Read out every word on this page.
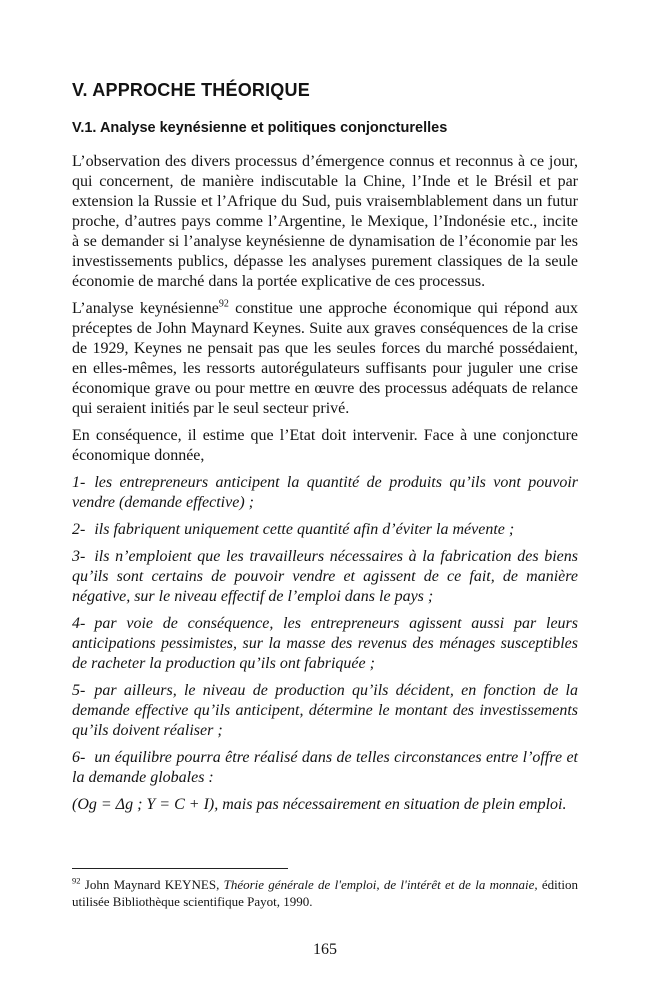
V. APPROCHE THÉORIQUE
V.1. Analyse keynésienne et politiques conjoncturelles

L’observation des divers processus d’émergence connus et reconnus à ce jour, qui concernent, de manière indiscutable la Chine, l’Inde et le Brésil et par extension la Russie et l’Afrique du Sud, puis vraisemblablement dans un futur proche, d’autres pays comme l’Argentine, le Mexique, l’Indonésie etc., incite à se demander si l’analyse keynésienne de dynamisation de l’économie par les investissements publics, dépasse les analyses purement classiques de la seule économie de marché dans la portée explicative de ces processus.

L’analyse keynésienne$^{92}$ constitue une approche économique qui répond aux préceptes de John Maynard Keynes. Suite aux graves conséquences de la crise de 1929, Keynes ne pensait pas que les seules forces du marché possédaient, en elles-mêmes, les ressorts autorégulateurs suffisants pour juguler une crise économique grave ou pour mettre en œuvre des processus adéquats de relance qui seraient initiés par le seul secteur privé.

En conséquence, il estime que l’Etat doit intervenir. Face à une conjoncture économique donnée,

1- les entrepreneurs anticipent la quantité de produits qu’ils vont pouvoir vendre (demande effective) ;

2- ils fabriquent uniquement cette quantité afin d’éviter la mévente ;

3- ils n’emploient que les travailleurs nécessaires à la fabrication des biens qu’ils sont certains de pouvoir vendre et agissent de ce fait, de manière négative, sur le niveau effectif de l’emploi dans le pays ;

4- par voie de conséquence, les entrepreneurs agissent aussi par leurs anticipations pessimistes, sur la masse des revenus des ménages susceptibles de racheter la production qu’ils ont fabriquée ;

5- par ailleurs, le niveau de production qu’ils décident, en fonction de la demande effective qu’ils anticipent, détermine le montant des investissements qu’ils doivent réaliser ;

6- un équilibre pourra être réalisé dans de telles circonstances entre l’offre et la demande globales :

(Og = Δg ; Y = C + I), mais pas nécessairement en situation de plein emploi.

$^{92}$ John Maynard KEYNES, Théorie générale de l'emploi, de l'intérêt et de la monnaie, édition utilisée Bibliothèque scientifique Payot, 1990.

165
